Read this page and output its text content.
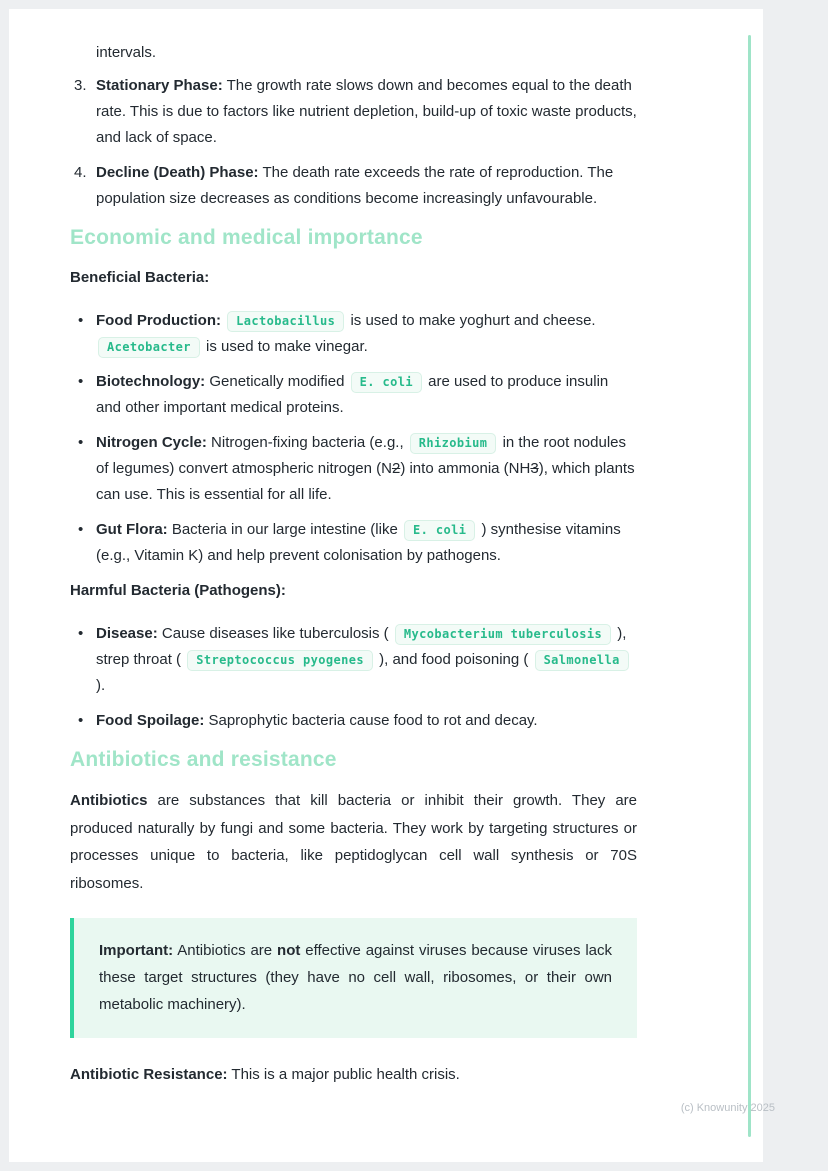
intervals.

3. Stationary Phase: The growth rate slows down and becomes equal to the death rate. This is due to factors like nutrient depletion, build-up of toxic waste products, and lack of space.
4. Decline (Death) Phase: The death rate exceeds the rate of reproduction. The population size decreases as conditions become increasingly unfavourable.
Economic and medical importance

Beneficial Bacteria:

• Food Production: Lactobacillus is used to make yoghurt and cheese. Acetobacter is used to make vinegar.
• Biotechnology: Genetically modified E. coli are used to produce insulin and other important medical proteins.
• Nitrogen Cycle: Nitrogen-fixing bacteria (e.g., Rhizobium in the root nodules of legumes) convert atmospheric nitrogen (N2) into ammonia (NH3), which plants can use. This is essential for all life.
• Gut Flora: Bacteria in our large intestine (like E. coli ) synthesise vitamins (e.g., Vitamin K) and help prevent colonisation by pathogens.

Harmful Bacteria (Pathogens):

• Disease: Cause diseases like tuberculosis ( Mycobacterium tuberculosis ), strep throat ( Streptococcus pyogenes ), and food poisoning ( Salmonella ).
• Food Spoilage: Saprophytic bacteria cause food to rot and decay.
Antibiotics and resistance

Antibiotics are substances that kill bacteria or inhibit their growth. They are produced naturally by fungi and some bacteria. They work by targeting structures or processes unique to bacteria, like peptidoglycan cell wall synthesis or 70S ribosomes.

Important: Antibiotics are not effective against viruses because viruses lack these target structures (they have no cell wall, ribosomes, or their own metabolic machinery).

Antibiotic Resistance: This is a major public health crisis.

(c) Knowunity 2025
